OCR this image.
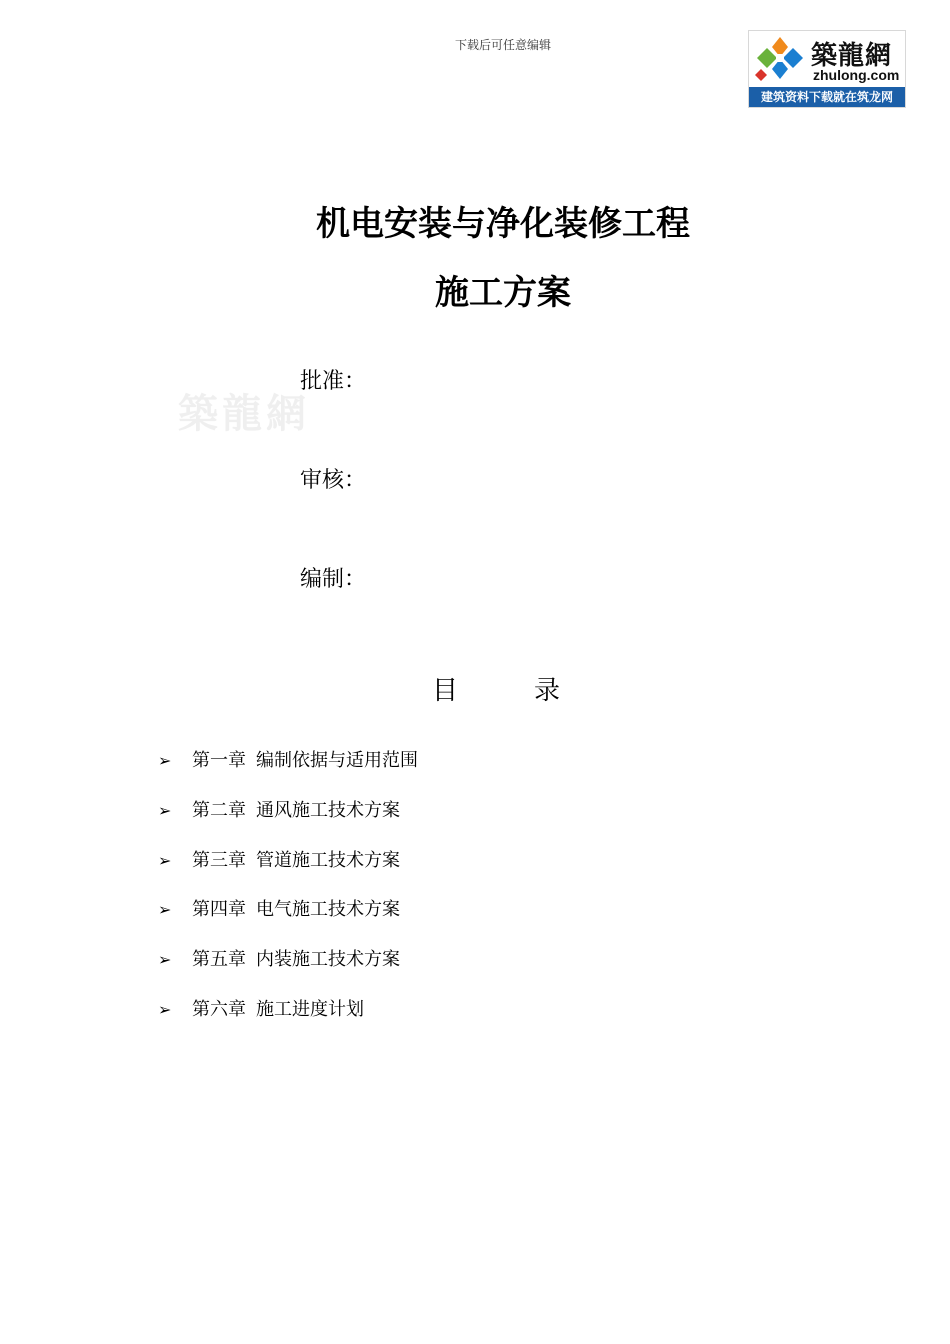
下载后可任意编辑	築龍網
zhulong.com
建筑资料下载就在筑龙网
机电安装与净化装修工程
施工方案
築龍網
批准：
审核：
编制：
目	录
➢	第一章 编制依据与适用范围
➢	第二章 通风施工技术方案
➢	第三章 管道施工技术方案
➢	第四章 电气施工技术方案
➢	第五章 内装施工技术方案
➢	第六章 施工进度计划
